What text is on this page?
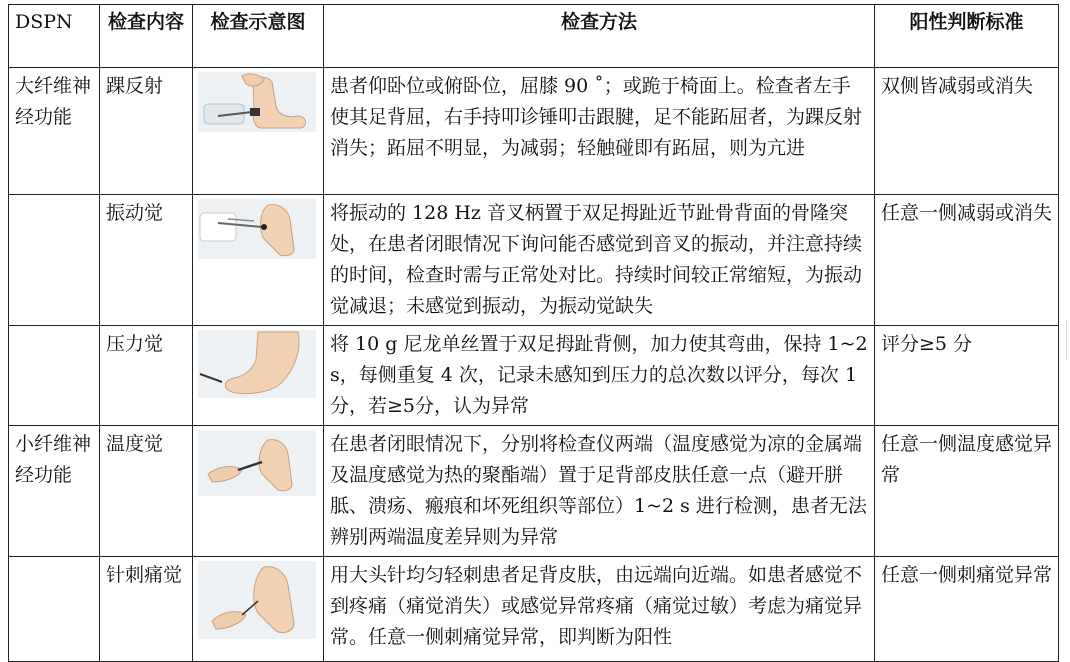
DSPN	检查内容	检查示意图	检查方法	阳性判断标准
大纤维神经功能	踝反射		患者仰卧位或俯卧位，屈膝 90 ˚；或跪于椅面上。检查者左手使其足背屈，右手持叩诊锤叩击跟腱，足不能跖屈者，为踝反射消失；跖屈不明显，为减弱；轻触碰即有跖屈，则为亢进	双侧皆减弱或消失
	振动觉		将振动的 128 Hz 音叉柄置于双足拇趾近节趾骨背面的骨隆突处，在患者闭眼情况下询问能否感觉到音叉的振动，并注意持续的时间，检查时需与正常处对比。持续时间较正常缩短，为振动觉减退；未感觉到振动，为振动觉缺失	任意一侧减弱或消失
	压力觉		将 10 g 尼龙单丝置于双足拇趾背侧，加力使其弯曲，保持 1~2 s，每侧重复 4 次，记录未感知到压力的总次数以评分，每次 1 分，若≥5分，认为异常	评分≥5 分
小纤维神经功能	温度觉		在患者闭眼情况下，分别将检查仪两端（温度感觉为凉的金属端及温度感觉为热的聚酯端）置于足背部皮肤任意一点（避开胼胝、溃疡、瘢痕和坏死组织等部位）1~2 s 进行检测，患者无法辨别两端温度差异则为异常	任意一侧温度感觉异常
	针刺痛觉		用大头针均匀轻刺患者足背皮肤，由远端向近端。如患者感觉不到疼痛（痛觉消失）或感觉异常疼痛（痛觉过敏）考虑为痛觉异常。任意一侧刺痛觉异常，即判断为阳性	任意一侧刺痛觉异常
